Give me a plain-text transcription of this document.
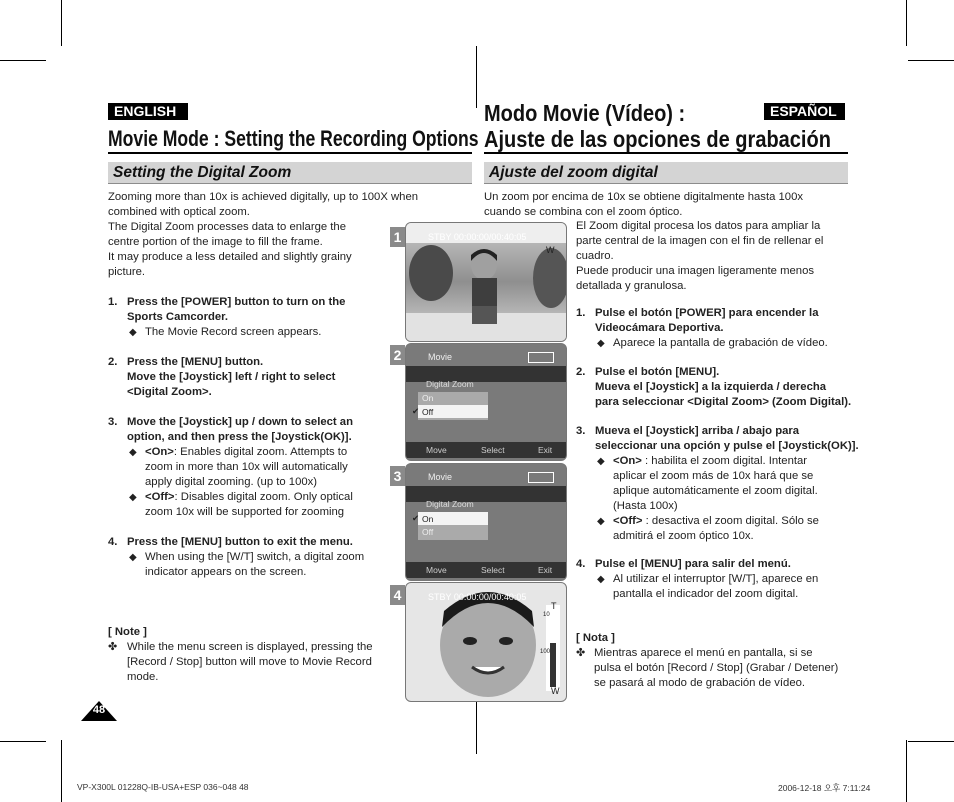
ENGLISH	ESPAÑOL
Movie Mode : Setting the Recording Options
Modo Movie (Vídeo) :
Ajuste de las opciones de grabación
Setting the Digital Zoom	Ajuste del zoom digital

Zooming more than 10x is achieved digitally, up to 100X when

combined with optical zoom.

The Digital Zoom processes data to enlarge the

centre portion of the image to fill the frame.

It may produce a less detailed and slightly grainy

picture.

1. Press the [POWER] button to turn on the
Sports Camcorder.
◆ The Movie Record screen appears.
2. Press the [MENU] button.
Move the [Joystick] left / right to select
<Digital Zoom>.
3. Move the [Joystick] up / down to select an
option, and then press the [Joystick(OK)].
◆ <On>: Enables digital zoom. Attempts to
zoom in more than 10x will automatically
apply digital zooming. (up to 100x)
◆ <Off>: Disables digital zoom. Only optical
zoom 10x will be supported for zooming
4. Press the [MENU] button to exit the menu.
◆ When using the [W/T] switch, a digital zoom
indicator appears on the screen.
[ Note ]
✤ While the menu screen is displayed, pressing the
[Record / Stop] button will move to Movie Record
mode.
1	STBY 00:00:00/00:40:05
W
2	Movie
Digital Zoom
On
Off
✔
Move	Select	Exit
3	Movie
Digital Zoom
On
✔
Off
Move	Select	Exit
4	STBY 00:00:00/00:40:05
T
10
100
W

Un zoom por encima de 10x se obtiene digitalmente hasta 100x

cuando se combina con el zoom óptico.

El Zoom digital procesa los datos para ampliar la

parte central de la imagen con el fin de rellenar el

cuadro.

Puede producir una imagen ligeramente menos

detallada y granulosa.

1. Pulse el botón [POWER] para encender la
Videocámara Deportiva.
◆ Aparece la pantalla de grabación de vídeo.
2. Pulse el botón [MENU].
Mueva el [Joystick] a la izquierda / derecha
para seleccionar <Digital Zoom> (Zoom Digital).
3. Mueva el [Joystick] arriba / abajo para
seleccionar una opción y pulse el [Joystick(OK)].
◆ <On> : habilita el zoom digital. Intentar
aplicar el zoom más de 10x hará que se
aplique automáticamente el zoom digital.
(Hasta 100x)
◆ <Off> : desactiva el zoom digital. Sólo se
admitirá el zoom óptico 10x.
4. Pulse el [MENU] para salir del menú.
◆ Al utilizar el interruptor [W/T], aparece en
pantalla el indicador del zoom digital.
[ Nota ]
✤ Mientras aparece el menú en pantalla, si se
pulsa el botón [Record / Stop] (Grabar / Detener)
se pasará al modo de grabación de vídeo.
48
VP-X300L 01228Q-IB-USA+ESP 036~048 48	2006-12-18 오후 7:11:24
